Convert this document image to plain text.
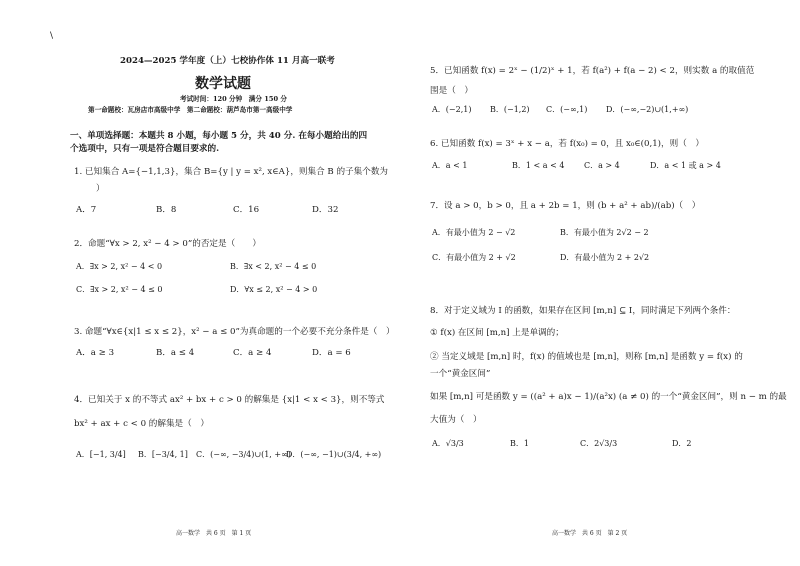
\
2024—2025 学年度（上）七校协作体 11 月高一联考
数学试题
考试时间：120 分钟　满分 150 分
第一命题校：瓦房店市高级中学　第二命题校：葫芦岛市第一高级中学
一、单项选择题：本题共 8 小题，每小题 5 分，共 40 分. 在每小题给出的四
个选项中，只有一项是符合题目要求的.
1. 已知集合 A={−1,1,3}，集合 B={y | y = x², x∈A}，则集合 B 的子集个数为
）
A．7	B．8	C．16	D．32
2．命题“∀x > 2, x² − 4 > 0”的否定是（　　）
A．∃x > 2, x² − 4 < 0	B．∃x < 2, x² − 4 ≤ 0
C．∃x > 2, x² − 4 ≤ 0	D．∀x ≤ 2, x² − 4 > 0
3. 命题“∀x∈{x|1 ≤ x ≤ 2}，x² − a ≤ 0”为真命题的一个必要不充分条件是（　）
A．a ≥ 3	B．a ≤ 4	C．a ≥ 4	D．a = 6
4．已知关于 x 的不等式 ax² + bx + c > 0 的解集是 {x|1 < x < 3}，则不等式
bx² + ax + c < 0 的解集是（　）
A．[−1, 3/4] B．[−3/4, 1] C．(−∞, −3/4)∪(1, +∞)
D．(−∞, −1)∪(3/4, +∞)
高一数学　共 6 页　第 1 页
5．已知函数 f(x) = 2ˣ − (1/2)ˣ + 1，若 f(a²) + f(a − 2) < 2，则实数 a 的取值范
围是（　）
A．(−2,1) B．(−1,2) C．(−∞,1) D．(−∞,−2)∪(1,+∞)
6. 已知函数 f(x) = 3ˣ + x − a，若 f(x₀) = 0，且 x₀∈(0,1)，则（　）
A．a < 1	B．1 < a < 4 C．a > 4	D．a < 1 或 a > 4
7．设 a > 0，b > 0，且 a + 2b = 1，则 (b + a² + ab)/(ab)（　）
A．有最小值为 2 − √2	B．有最小值为 2√2 − 2
C．有最小值为 2 + √2	D．有最小值为 2 + 2√2
8．对于定义域为 I 的函数，如果存在区间 [m,n] ⊆ I，同时满足下列两个条件：
① f(x) 在区间 [m,n] 上是单调的；
② 当定义域是 [m,n] 时，f(x) 的值域也是 [m,n]，则称 [m,n] 是函数 y = f(x) 的
一个“黄金区间”
如果 [m,n] 可是函数 y = ((a² + a)x − 1)/(a²x) (a ≠ 0) 的一个“黄金区间”，则 n − m 的最
大值为（　）
A．√3/3	B．1	C．2√3/3	D．2
高一数学　共 6 页　第 2 页
